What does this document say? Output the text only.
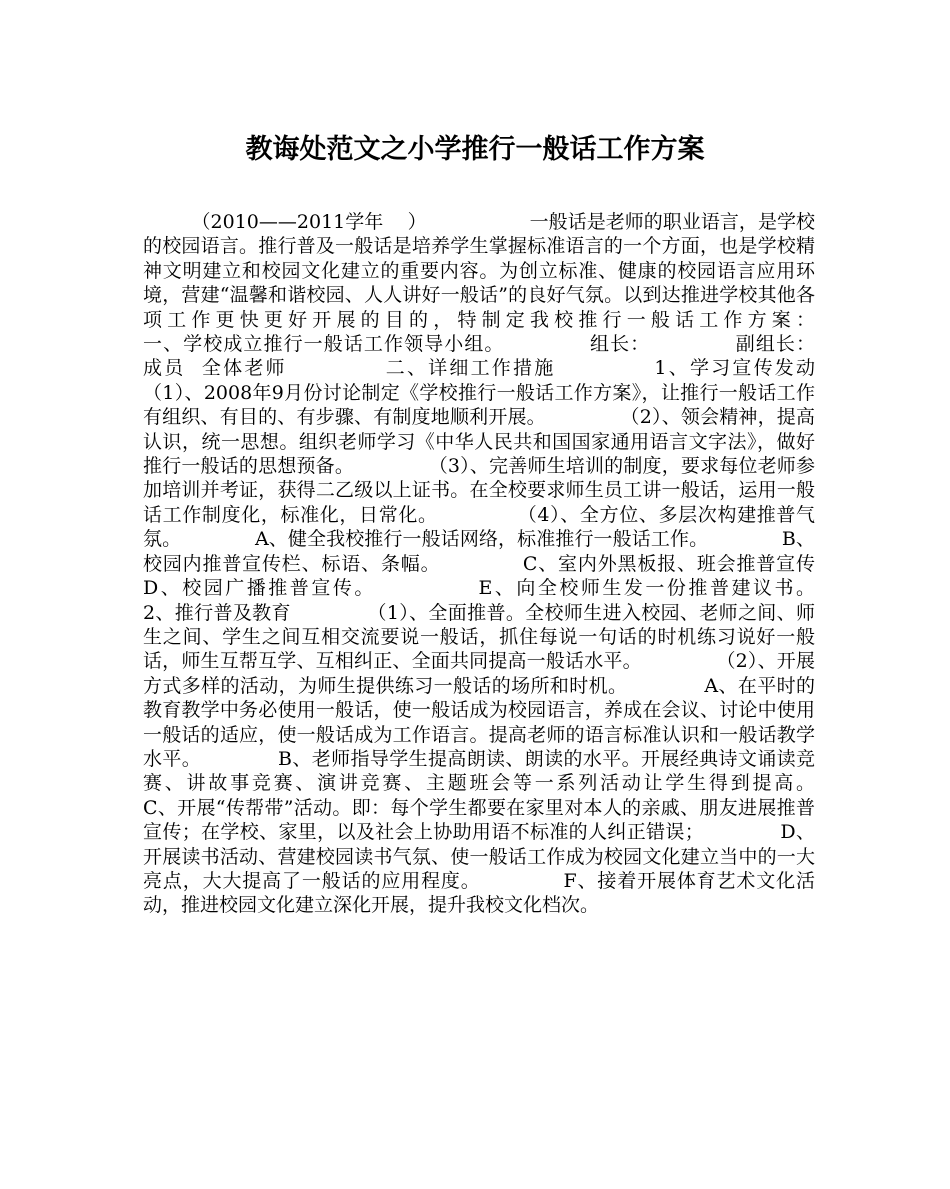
教诲处范文之小学推行一般话工作方案

（2010——2011学年    ）                 一般话是老师的职业语言，是学校的校园语言。推行普及一般话是培养学生掌握标准语言的一个方面，也是学校精神文明建立和校园文化建立的重要内容。为创立标准、健康的校园语言应用环境，营建“温馨和谐校园、人人讲好一般话”的良好气氛。以到达推进学校其他各项工作更快更好开展的目的，特制定我校推行一般话工作方案：                 一、学校成立推行一般话工作领导小组。            组长：            副组长：            成员  全体老师            二、详细工作措施            1、学习宣传发动          （1）、2008年9月份讨论制定《学校推行一般话工作方案》，让推行一般话工作有组织、有目的、有步骤、有制度地顺利开展。            （2）、领会精神，提高认识，统一思想。组织老师学习《中华人民共和国国家通用语言文字法》，做好推行一般话的思想预备。            （3）、完善师生培训的制度，要求每位老师参加培训并考证，获得二乙级以上证书。在全校要求师生员工讲一般话，运用一般话工作制度化，标准化，日常化。            （4）、全方位、多层次构建推普气氛。            A、健全我校推行一般话网络，标准推行一般话工作。            B、校园内推普宣传栏、标语、条幅。            C、室内外黑板报、班会推普宣传            D、校园广播推普宣传。            E、向全校师生发一份推普建议书。            2、推行普及教育            （1）、全面推普。全校师生进入校园、老师之间、师生之间、学生之间互相交流要说一般话，抓住每说一句话的时机练习说好一般话，师生互帮互学、互相纠正、全面共同提高一般话水平。            （2）、开展方式多样的活动，为师生提供练习一般话的场所和时机。            A、在平时的教育教学中务必使用一般话，使一般话成为校园语言，养成在会议、讨论中使用一般话的适应，使一般话成为工作语言。提高老师的语言标准认识和一般话教学水平。            B、老师指导学生提高朗读、朗读的水平。开展经典诗文诵读竞赛、讲故事竞赛、演讲竞赛、主题班会等一系列活动让学生得到提高。            C、开展“传帮带”活动。即：每个学生都要在家里对本人的亲戚、朋友进展推普宣传；在学校、家里，以及社会上协助用语不标准的人纠正错误；            D、开展读书活动、营建校园读书气氛、使一般话工作成为校园文化建立当中的一大亮点，大大提高了一般话的应用程度。            F、接着开展体育艺术文化活动，推进校园文化建立深化开展，提升我校文化档次。
